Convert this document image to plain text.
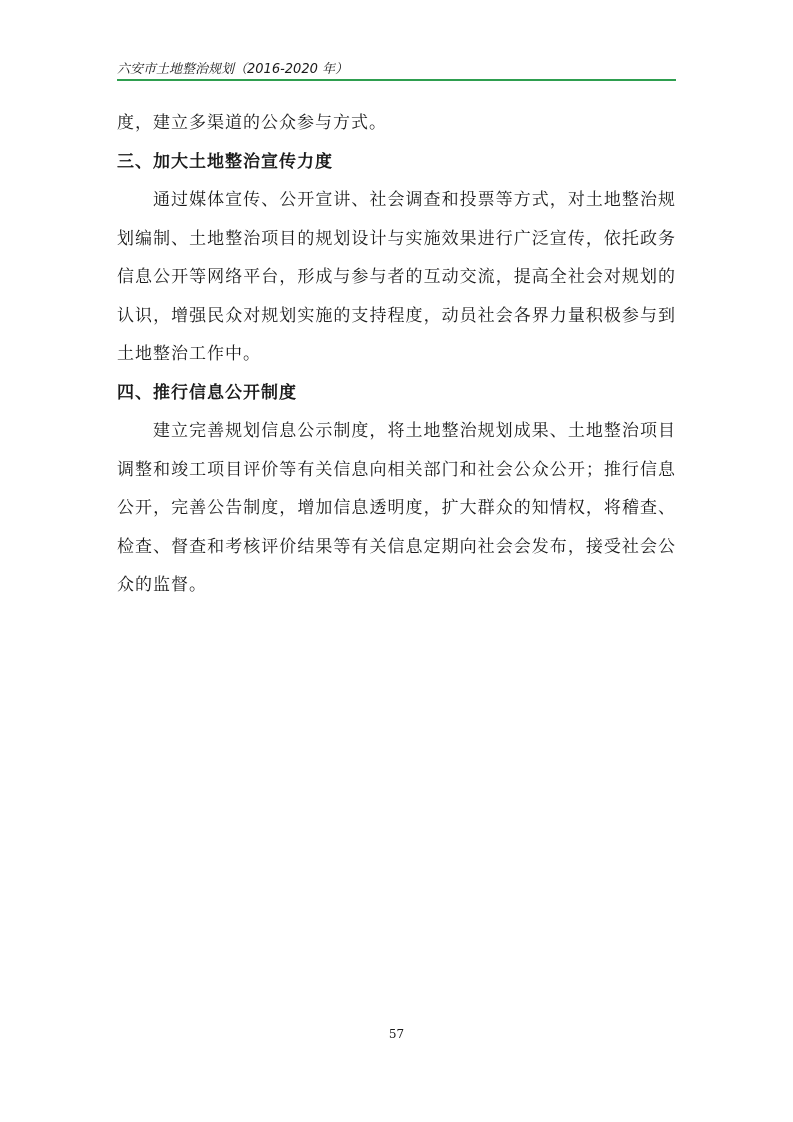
六安市土地整治规划（2016-2020 年）

度，建立多渠道的公众参与方式。

三、加大土地整治宣传力度

通过媒体宣传、公开宣讲、社会调查和投票等方式，对土地整治规划编制、土地整治项目的规划设计与实施效果进行广泛宣传，依托政务信息公开等网络平台，形成与参与者的互动交流，提高全社会对规划的认识，增强民众对规划实施的支持程度，动员社会各界力量积极参与到土地整治工作中。

四、推行信息公开制度

建立完善规划信息公示制度，将土地整治规划成果、土地整治项目调整和竣工项目评价等有关信息向相关部门和社会公众公开；推行信息公开，完善公告制度，增加信息透明度，扩大群众的知情权，将稽查、检查、督查和考核评价结果等有关信息定期向社会会发布，接受社会公众的监督。

57
